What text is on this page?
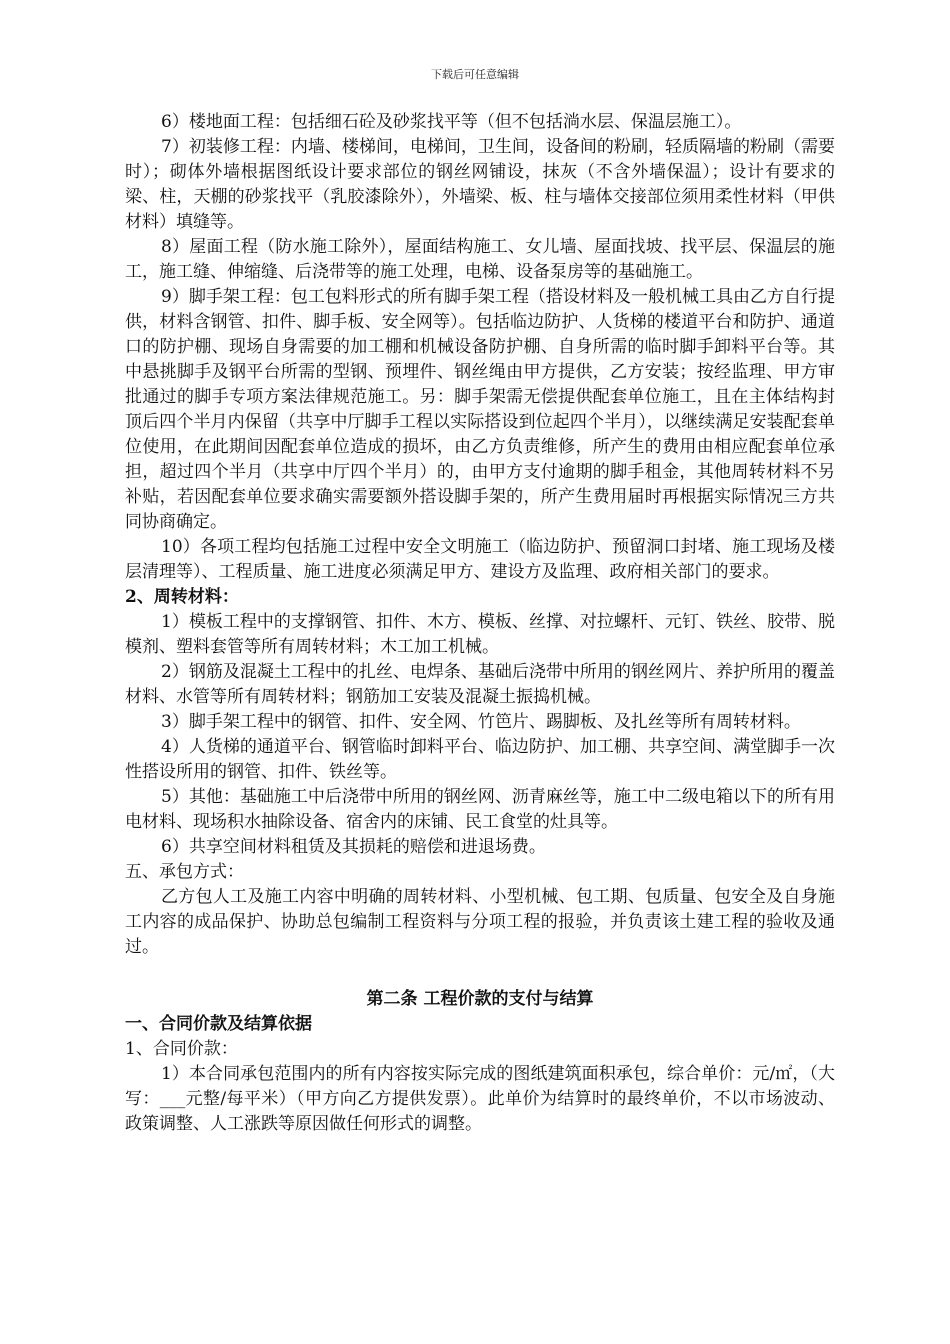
下载后可任意编辑

6）楼地面工程：包括细石砼及砂浆找平等（但不包括淌水层、保温层施工）。

7）初装修工程：内墙、楼梯间，电梯间，卫生间，设备间的粉刷，轻质隔墙的粉刷（需要时）；砌体外墙根据图纸设计要求部位的钢丝网铺设，抹灰（不含外墙保温）；设计有要求的梁、柱，天棚的砂浆找平（乳胶漆除外），外墙梁、板、柱与墙体交接部位须用柔性材料（甲供材料）填缝等。

8）屋面工程（防水施工除外），屋面结构施工、女儿墙、屋面找坡、找平层、保温层的施工，施工缝、伸缩缝、后浇带等的施工处理，电梯、设备泵房等的基础施工。

9）脚手架工程：包工包料形式的所有脚手架工程（搭设材料及一般机械工具由乙方自行提供，材料含钢管、扣件、脚手板、安全网等）。包括临边防护、人货梯的楼道平台和防护、通道口的防护棚、现场自身需要的加工棚和机械设备防护棚、自身所需的临时脚手卸料平台等。其中悬挑脚手及钢平台所需的型钢、预埋件、钢丝绳由甲方提供，乙方安装；按经监理、甲方审批通过的脚手专项方案法律规范施工。另：脚手架需无偿提供配套单位施工，且在主体结构封顶后四个半月内保留（共享中厅脚手工程以实际搭设到位起四个半月），以继续满足安装配套单位使用，在此期间因配套单位造成的损坏，由乙方负责维修，所产生的费用由相应配套单位承担，超过四个半月（共享中厅四个半月）的，由甲方支付逾期的脚手租金，其他周转材料不另补贴，若因配套单位要求确实需要额外搭设脚手架的，所产生费用届时再根据实际情况三方共同协商确定。

10）各项工程均包括施工过程中安全文明施工（临边防护、预留洞口封堵、施工现场及楼层清理等）、工程质量、施工进度必须满足甲方、建设方及监理、政府相关部门的要求。

2、周转材料：

1）模板工程中的支撑钢管、扣件、木方、模板、丝撑、对拉螺杆、元钉、铁丝、胶带、脱模剂、塑料套管等所有周转材料；木工加工机械。

2）钢筋及混凝土工程中的扎丝、电焊条、基础后浇带中所用的钢丝网片、养护所用的覆盖材料、水管等所有周转材料；钢筋加工安装及混凝土振捣机械。

3）脚手架工程中的钢管、扣件、安全网、竹笆片、踢脚板、及扎丝等所有周转材料。

4）人货梯的通道平台、钢管临时卸料平台、临边防护、加工棚、共享空间、满堂脚手一次性搭设所用的钢管、扣件、铁丝等。

5）其他：基础施工中后浇带中所用的钢丝网、沥青麻丝等，施工中二级电箱以下的所有用电材料、现场积水抽除设备、宿舍内的床铺、民工食堂的灶具等。

6）共享空间材料租赁及其损耗的赔偿和进退场费。

五、承包方式：

乙方包人工及施工内容中明确的周转材料、小型机械、包工期、包质量、包安全及自身施工内容的成品保护、协助总包编制工程资料与分项工程的报验，并负责该土建工程的验收及通过。

第二条 工程价款的支付与结算

一、合同价款及结算依据

1、合同价款：

1）本合同承包范围内的所有内容按实际完成的图纸建筑面积承包，综合单价：元/㎡，（大写：___元整/每平米）（甲方向乙方提供发票）。此单价为结算时的最终单价，不以市场波动、政策调整、人工涨跌等原因做任何形式的调整。
